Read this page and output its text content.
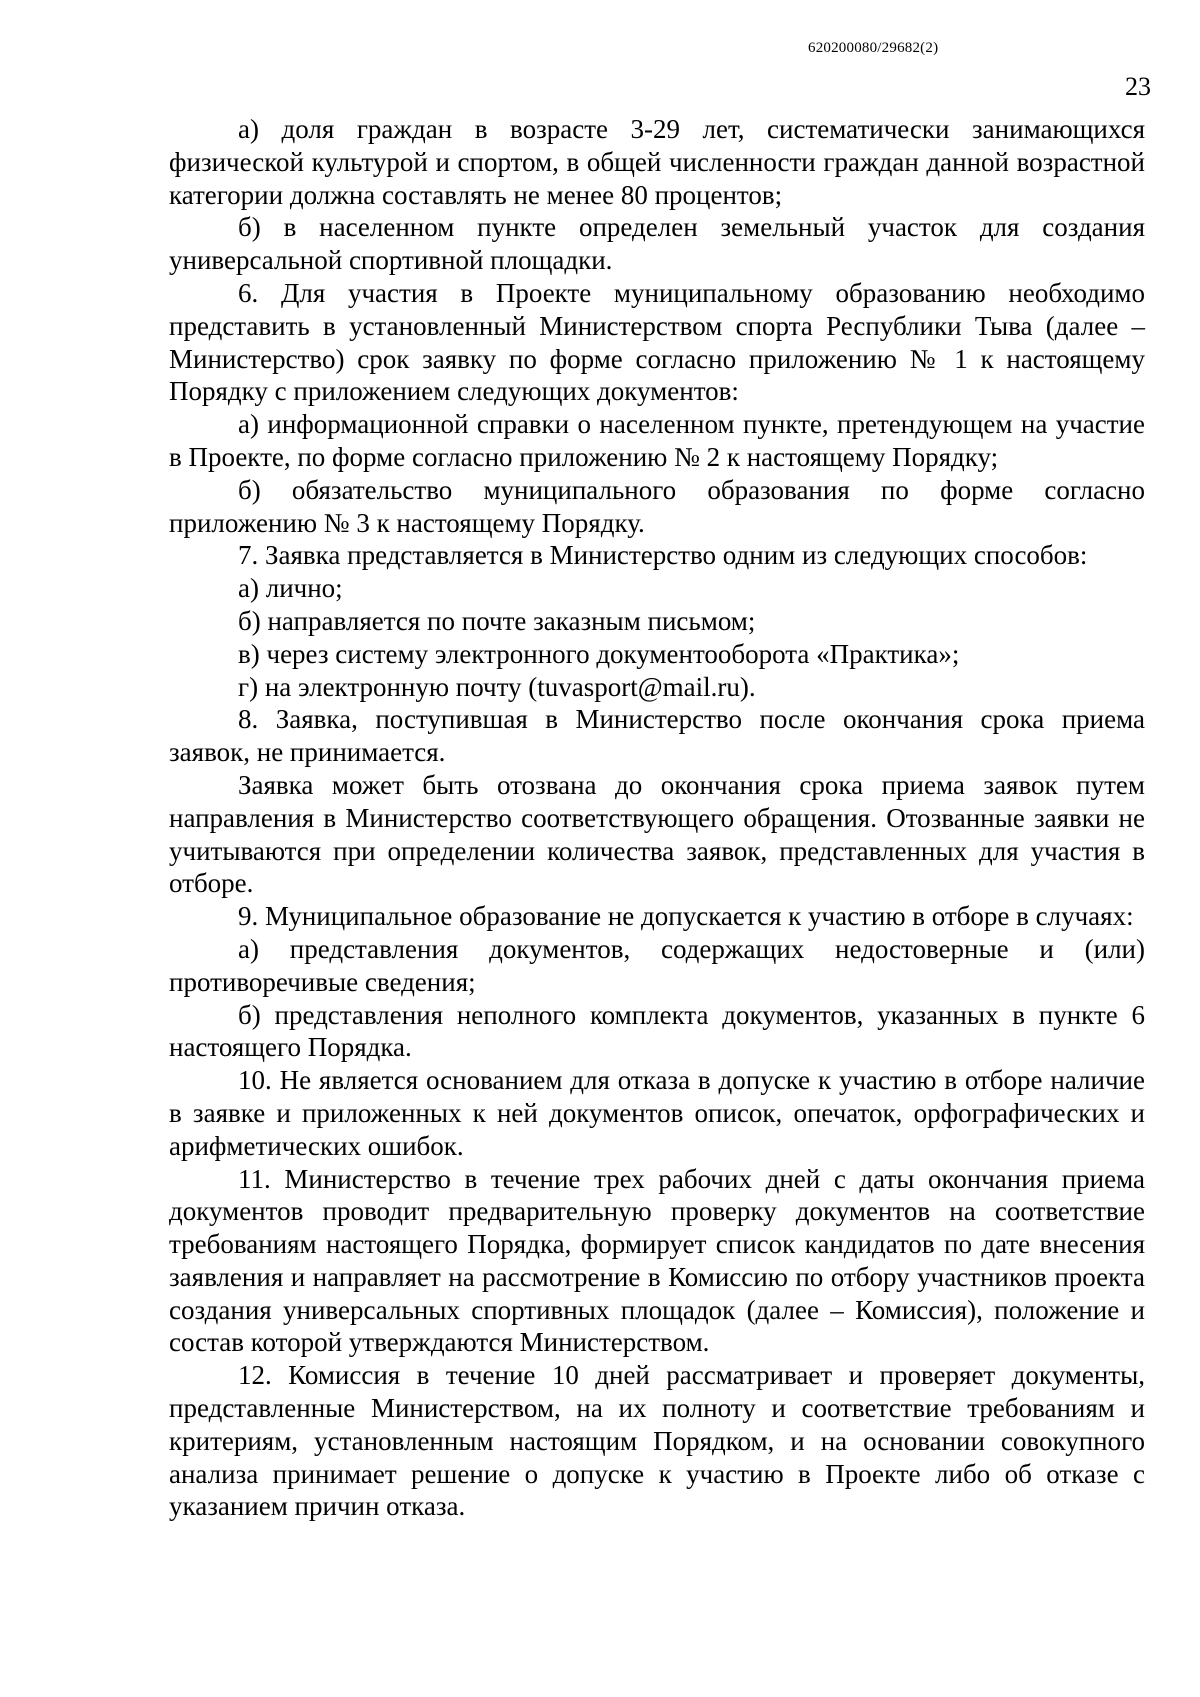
620200080/29682(2)
23

а) доля граждан в возрасте 3-29 лет, систематически занимающихся физической культурой и спортом, в общей численности граждан данной возрастной категории должна составлять не менее 80 процентов;

б) в населенном пункте определен земельный участок для создания универсальной спортивной площадки.

6. Для участия в Проекте муниципальному образованию необходимо представить в установленный Министерством спорта Республики Тыва (далее – Министерство) срок заявку по форме согласно приложению № 1 к настоящему Порядку с приложением следующих документов:

а) информационной справки о населенном пункте, претендующем на участие в Проекте, по форме согласно приложению № 2 к настоящему Порядку;

б) обязательство муниципального образования по форме согласно приложению № 3 к настоящему Порядку.

7. Заявка представляется в Министерство одним из следующих способов:

а) лично;

б) направляется по почте заказным письмом;

в) через систему электронного документооборота «Практика»;

г) на электронную почту (tuvasport@mail.ru).

8. Заявка, поступившая в Министерство после окончания срока приема заявок, не принимается.

Заявка может быть отозвана до окончания срока приема заявок путем направления в Министерство соответствующего обращения. Отозванные заявки не учитываются при определении количества заявок, представленных для участия в отборе.

9. Муниципальное образование не допускается к участию в отборе в случаях:

а) представления документов, содержащих недостоверные и (или) противоречивые сведения;

б) представления неполного комплекта документов, указанных в пункте 6 настоящего Порядка.

10. Не является основанием для отказа в допуске к участию в отборе наличие в заявке и приложенных к ней документов описок, опечаток, орфографических и арифметических ошибок.

11. Министерство в течение трех рабочих дней с даты окончания приема документов проводит предварительную проверку документов на соответствие требованиям настоящего Порядка, формирует список кандидатов по дате внесения заявления и направляет на рассмотрение в Комиссию по отбору участников проекта создания универсальных спортивных площадок (далее – Комиссия), положение и состав которой утверждаются Министерством.

12. Комиссия в течение 10 дней рассматривает и проверяет документы, представленные Министерством, на их полноту и соответствие требованиям и критериям, установленным настоящим Порядком, и на основании совокупного анализа принимает решение о допуске к участию в Проекте либо об отказе с указанием причин отказа.
